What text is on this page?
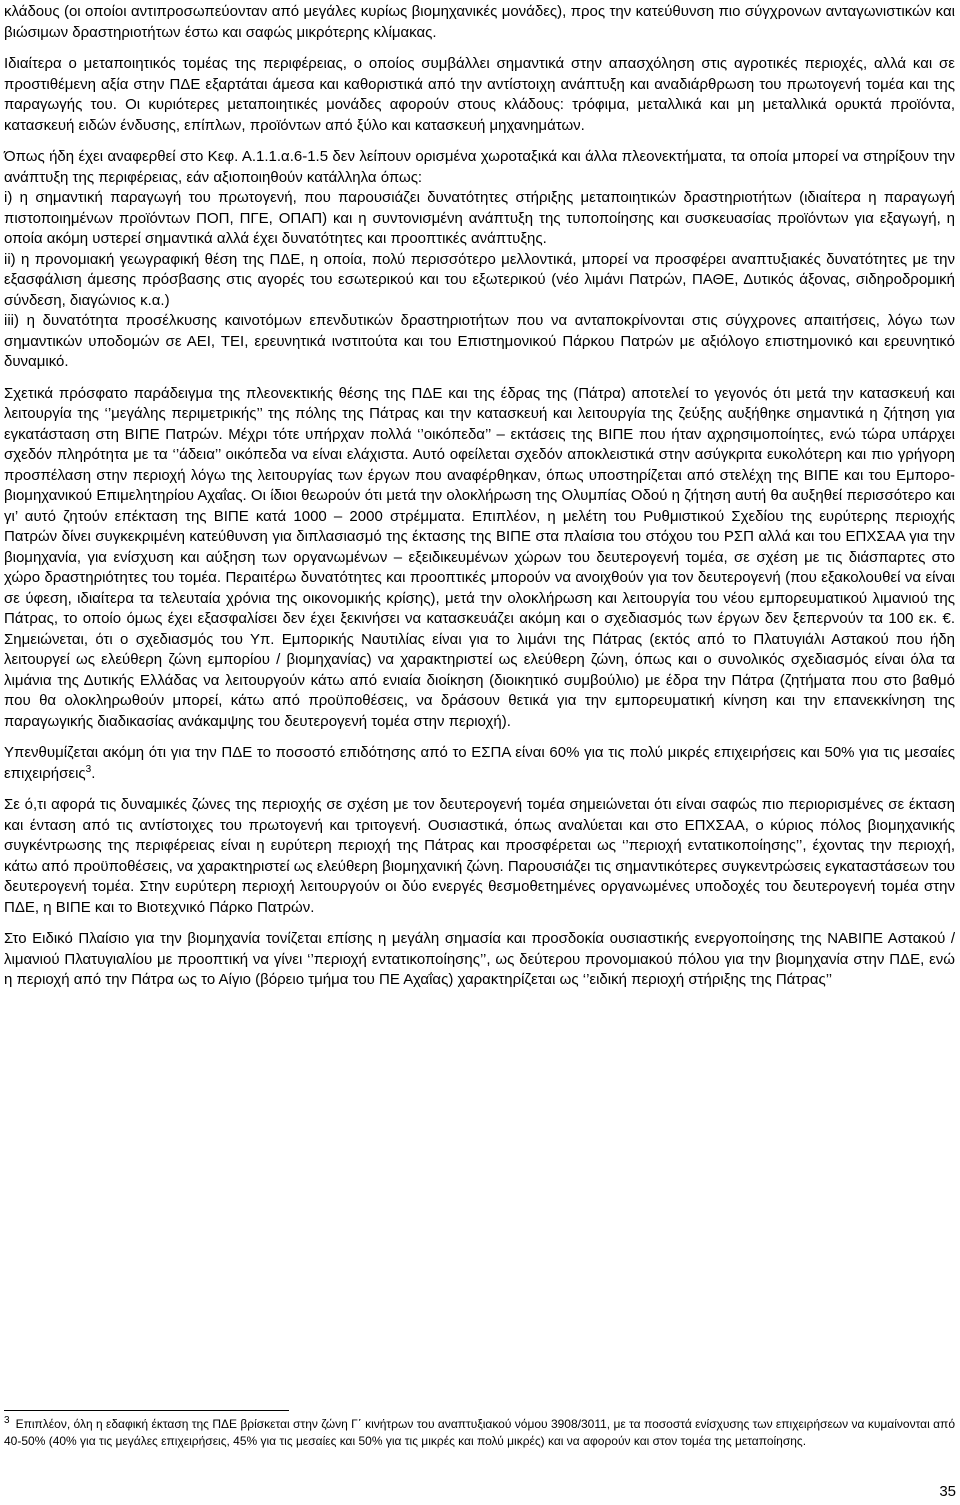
κλάδους (οι οποίοι αντιπροσωπεύονταν από μεγάλες κυρίως βιομηχανικές μονάδες), προς την κατεύθυνση πιο σύγχρονων ανταγωνιστικών και βιώσιμων δραστηριοτήτων έστω και σαφώς μικρότερης κλίμακας.

Ιδιαίτερα ο μεταποιητικός τομέας της περιφέρειας, ο οποίος συμβάλλει σημαντικά στην απασχόληση στις αγροτικές περιοχές, αλλά και σε προστιθέμενη αξία στην ΠΔΕ εξαρτάται άμεσα και καθοριστικά από την αντίστοιχη ανάπτυξη και αναδιάρθρωση του πρωτογενή τομέα και της παραγωγής του. Οι κυριότερες μεταποιητικές μονάδες αφορούν στους κλάδους: τρόφιμα, μεταλλικά και μη μεταλλικά ορυκτά προϊόντα, κατασκευή ειδών ένδυσης, επίπλων, προϊόντων από ξύλο και κατασκευή μηχανημάτων.

Όπως ήδη έχει αναφερθεί στο Κεφ. Α.1.1.α.6-1.5 δεν λείπουν ορισμένα χωροταξικά και άλλα πλεονεκτήματα, τα οποία μπορεί να στηρίξουν την ανάπτυξη της περιφέρειας, εάν αξιοποιηθούν κατάλληλα όπως:

i) η σημαντική παραγωγή του πρωτογενή, που παρουσιάζει δυνατότητες στήριξης μεταποιητικών δραστηριοτήτων (ιδιαίτερα η παραγωγή πιστοποιημένων προϊόντων ΠΟΠ, ΠΓΕ, ΟΠΑΠ) και η συντονισμένη ανάπτυξη της τυποποίησης και συσκευασίας προϊόντων για εξαγωγή, η οποία ακόμη υστερεί σημαντικά αλλά έχει δυνατότητες και προοπτικές ανάπτυξης.

ii) η προνομιακή γεωγραφική θέση της ΠΔΕ, η οποία, πολύ περισσότερο μελλοντικά, μπορεί να προσφέρει αναπτυξιακές δυνατότητες με την εξασφάλιση άμεσης πρόσβασης στις αγορές του εσωτερικού και του εξωτερικού (νέο λιμάνι Πατρών, ΠΑΘΕ, Δυτικός άξονας, σιδηροδρομική σύνδεση, διαγώνιος κ.α.)

iii) η δυνατότητα προσέλκυσης καινοτόμων επενδυτικών δραστηριοτήτων που να ανταποκρίνονται στις σύγχρονες απαιτήσεις, λόγω των σημαντικών υποδομών σε ΑΕΙ, ΤΕΙ, ερευνητικά ινστιτούτα και του Επιστημονικού Πάρκου Πατρών με αξιόλογο επιστημονικό και ερευνητικό δυναμικό.

Σχετικά πρόσφατο παράδειγμα της πλεονεκτικής θέσης της ΠΔΕ και της έδρας της (Πάτρα) αποτελεί το γεγονός ότι μετά την κατασκευή και λειτουργία της ‘’μεγάλης περιμετρικής’’ της πόλης της Πάτρας και την κατασκευή και λειτουργία της ζεύξης αυξήθηκε σημαντικά η ζήτηση για εγκατάσταση στη ΒΙΠΕ Πατρών. Μέχρι τότε υπήρχαν πολλά ‘’οικόπεδα’’ – εκτάσεις της ΒΙΠΕ που ήταν αχρησιμοποίητες, ενώ τώρα υπάρχει σχεδόν πληρότητα με τα ‘’άδεια’’ οικόπεδα να είναι ελάχιστα. Αυτό οφείλεται σχεδόν αποκλειστικά στην ασύγκριτα ευκολότερη και πιο γρήγορη προσπέλαση στην περιοχή λόγω της λειτουργίας των έργων που αναφέρθηκαν, όπως υποστηρίζεται από στελέχη της ΒΙΠΕ και του Εμποροβιομηχανικού Επιμελητηρίου Αχαΐας. Οι ίδιοι θεωρούν ότι μετά την ολοκλήρωση της Ολυμπίας Οδού η ζήτηση αυτή θα αυξηθεί περισσότερο και γι’ αυτό ζητούν επέκταση της ΒΙΠΕ κατά 1000 – 2000 στρέμματα. Επιπλέον, η μελέτη του Ρυθμιστικού Σχεδίου της ευρύτερης περιοχής Πατρών δίνει συγκεκριμένη κατεύθυνση για διπλασιασμό της έκτασης της ΒΙΠΕ στα πλαίσια του στόχου του ΡΣΠ αλλά και του ΕΠΧΣΑΑ για την βιομηχανία, για ενίσχυση και αύξηση των οργανωμένων – εξειδικευμένων χώρων του δευτερογενή τομέα, σε σχέση με τις διάσπαρτες στο χώρο δραστηριότητες του τομέα. Περαιτέρω δυνατότητες και προοπτικές μπορούν να ανοιχθούν για τον δευτερογενή (που εξακολουθεί να είναι σε ύφεση, ιδιαίτερα τα τελευταία χρόνια της οικονομικής κρίσης), μετά την ολοκλήρωση και λειτουργία του νέου εμπορευματικού λιμανιού της Πάτρας, το οποίο όμως έχει εξασφαλίσει δεν έχει ξεκινήσει να κατασκευάζει ακόμη και ο σχεδιασμός των έργων δεν ξεπερνούν τα 100 εκ. €. Σημειώνεται, ότι ο σχεδιασμός του Υπ. Εμπορικής Ναυτιλίας είναι για το λιμάνι της Πάτρας (εκτός από το Πλατυγιάλι Αστακού που ήδη λειτουργεί ως ελεύθερη ζώνη εμπορίου / βιομηχανίας) να χαρακτηριστεί ως ελεύθερη ζώνη, όπως και ο συνολικός σχεδιασμός είναι όλα τα λιμάνια της Δυτικής Ελλάδας να λειτουργούν κάτω από ενιαία διοίκηση (διοικητικό συμβούλιο) με έδρα την Πάτρα (ζητήματα που στο βαθμό που θα ολοκληρωθούν μπορεί, κάτω από προϋποθέσεις, να δράσουν θετικά για την εμπορευματική κίνηση και την επανεκκίνηση της παραγωγικής διαδικασίας ανάκαμψης του δευτερογενή τομέα στην περιοχή).

Υπενθυμίζεται ακόμη ότι για την ΠΔΕ το ποσοστό επιδότησης από το ΕΣΠΑ είναι 60% για τις πολύ μικρές επιχειρήσεις και 50% για τις μεσαίες επιχειρήσεις$^3$.

Σε ό,τι αφορά τις δυναμικές ζώνες της περιοχής σε σχέση με τον δευτερογενή τομέα σημειώνεται ότι είναι σαφώς πιο περιορισμένες σε έκταση και ένταση από τις αντίστοιχες του πρωτογενή και τριτογενή. Ουσιαστικά, όπως αναλύεται και στο ΕΠΧΣΑΑ, ο κύριος πόλος βιομηχανικής συγκέντρωσης της περιφέρειας είναι η ευρύτερη περιοχή της Πάτρας και προσφέρεται ως ‘’περιοχή εντατικοποίησης’’, έχοντας την περιοχή, κάτω από προϋποθέσεις, να χαρακτηριστεί ως ελεύθερη βιομηχανική ζώνη. Παρουσιάζει τις σημαντικότερες συγκεντρώσεις εγκαταστάσεων του δευτερογενή τομέα. Στην ευρύτερη περιοχή λειτουργούν οι δύο ενεργές θεσμοθετημένες οργανωμένες υποδοχές του δευτερογενή τομέα στην ΠΔΕ, η ΒΙΠΕ και το Βιοτεχνικό Πάρκο Πατρών.

Στο Ειδικό Πλαίσιο για την βιομηχανία τονίζεται επίσης η μεγάλη σημασία και προσδοκία ουσιαστικής ενεργοποίησης της ΝΑΒΙΠΕ Αστακού / λιμανιού Πλατυγιαλίου με προοπτική να γίνει ‘’περιοχή εντατικοποίησης’’, ως δεύτερου προνομιακού πόλου για την βιομηχανία στην ΠΔΕ, ενώ η περιοχή από την Πάτρα ως το Αίγιο (βόρειο τμήμα του ΠΕ Αχαΐας) χαρακτηρίζεται ως ‘’ειδική περιοχή στήριξης της Πάτρας’’

$^3$ Επιπλέον, όλη η εδαφική έκταση της ΠΔΕ βρίσκεται στην ζώνη Γ΄ κινήτρων του αναπτυξιακού νόμου 3908/3011, με τα ποσοστά ενίσχυσης των επιχειρήσεων να κυμαίνονται από 40-50% (40% για τις μεγάλες επιχειρήσεις, 45% για τις μεσαίες και 50% για τις μικρές και πολύ μικρές) και να αφορούν και στον τομέα της μεταποίησης.
35
